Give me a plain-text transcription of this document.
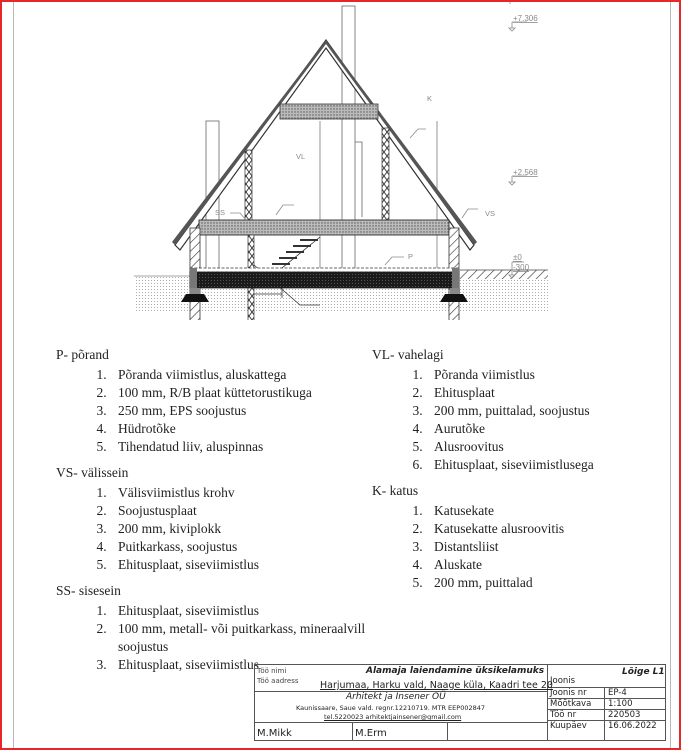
K
VL
SS	VS
P
+7.306
+2.568
±0
-300
P- põrand
1. Põranda viimistlus, aluskattega
2. 100 mm, R/B plaat küttetorustikuga
3. 250 mm, EPS soojustus
4. Hüdrotõke
5. Tihendatud liiv, aluspinnas
VS- välissein
1. Välisviimistlus krohv
2. Soojustusplaat
3. 200 mm, kiviplokk
4. Puitkarkass, soojustus
5. Ehitusplaat, siseviimistlus
SS- sisesein
1. Ehitusplaat, siseviimistlus
2. 100 mm, metall- või puitkarkass, mineraalvill soojustus
3. Ehitusplaat, siseviimistlus
VL- vahelagi
1. Põranda viimistlus
2. Ehitusplaat
3. 200 mm, puittalad, soojustus
4. Aurutõke
5. Alusroovitus
6. Ehitusplaat, siseviimistlusega
K- katus
1. Katusekate
2. Katusekatte alusroovitis
3. Distantsliist
4. Aluskate
5. 200 mm, puittalad
Töö nimi
Töö aadress
Alamaja laiendamine üksikelamuks
Harjumaa, Harku vald, Naage küla, Kaadri tee 20
Arhitekt ja Insener OÜ
Kaunissaare, Saue vald. regnr.12210719. MTR EEP002847
tel.5220023 arhitektjainsener@gmail.com
M.Mikk	M.Erm
Joonis
Lõige L1
Joonis nr	EP-4
Mõõtkava 1:100
Töö nr	220503
Kuupäev 16.06.2022
